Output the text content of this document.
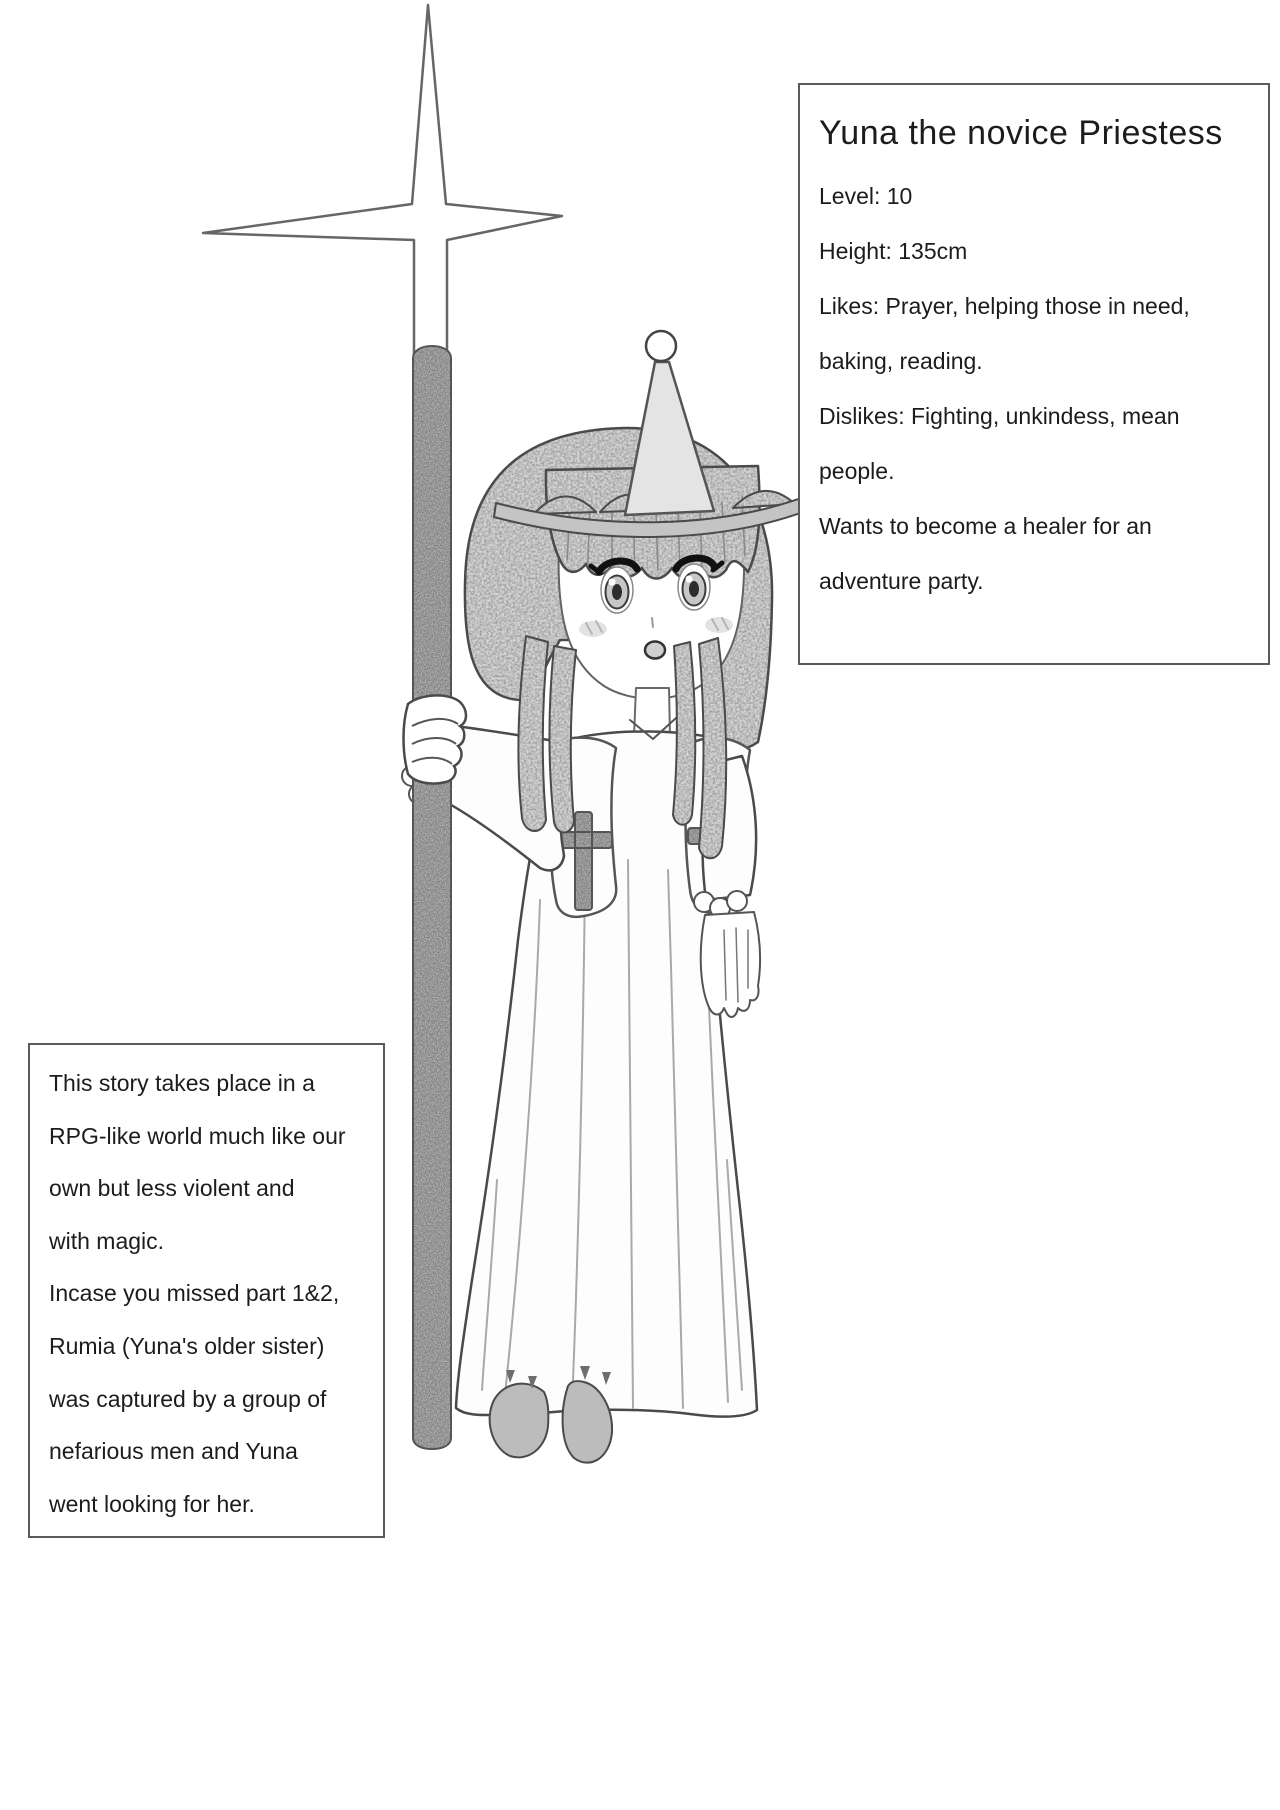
Yuna the novice Priestess
Level: 10
Height: 135cm
Likes: Prayer, helping those in need,
baking, reading.
Dislikes: Fighting, unkindess, mean
people.
Wants to become a healer for an
adventure party.
This story takes place in a
RPG-like world much like our
own but less violent and
with magic.
Incase you missed part 1&2,
Rumia (Yuna's older sister)
was captured by a group of
nefarious men and Yuna
went looking for her.
